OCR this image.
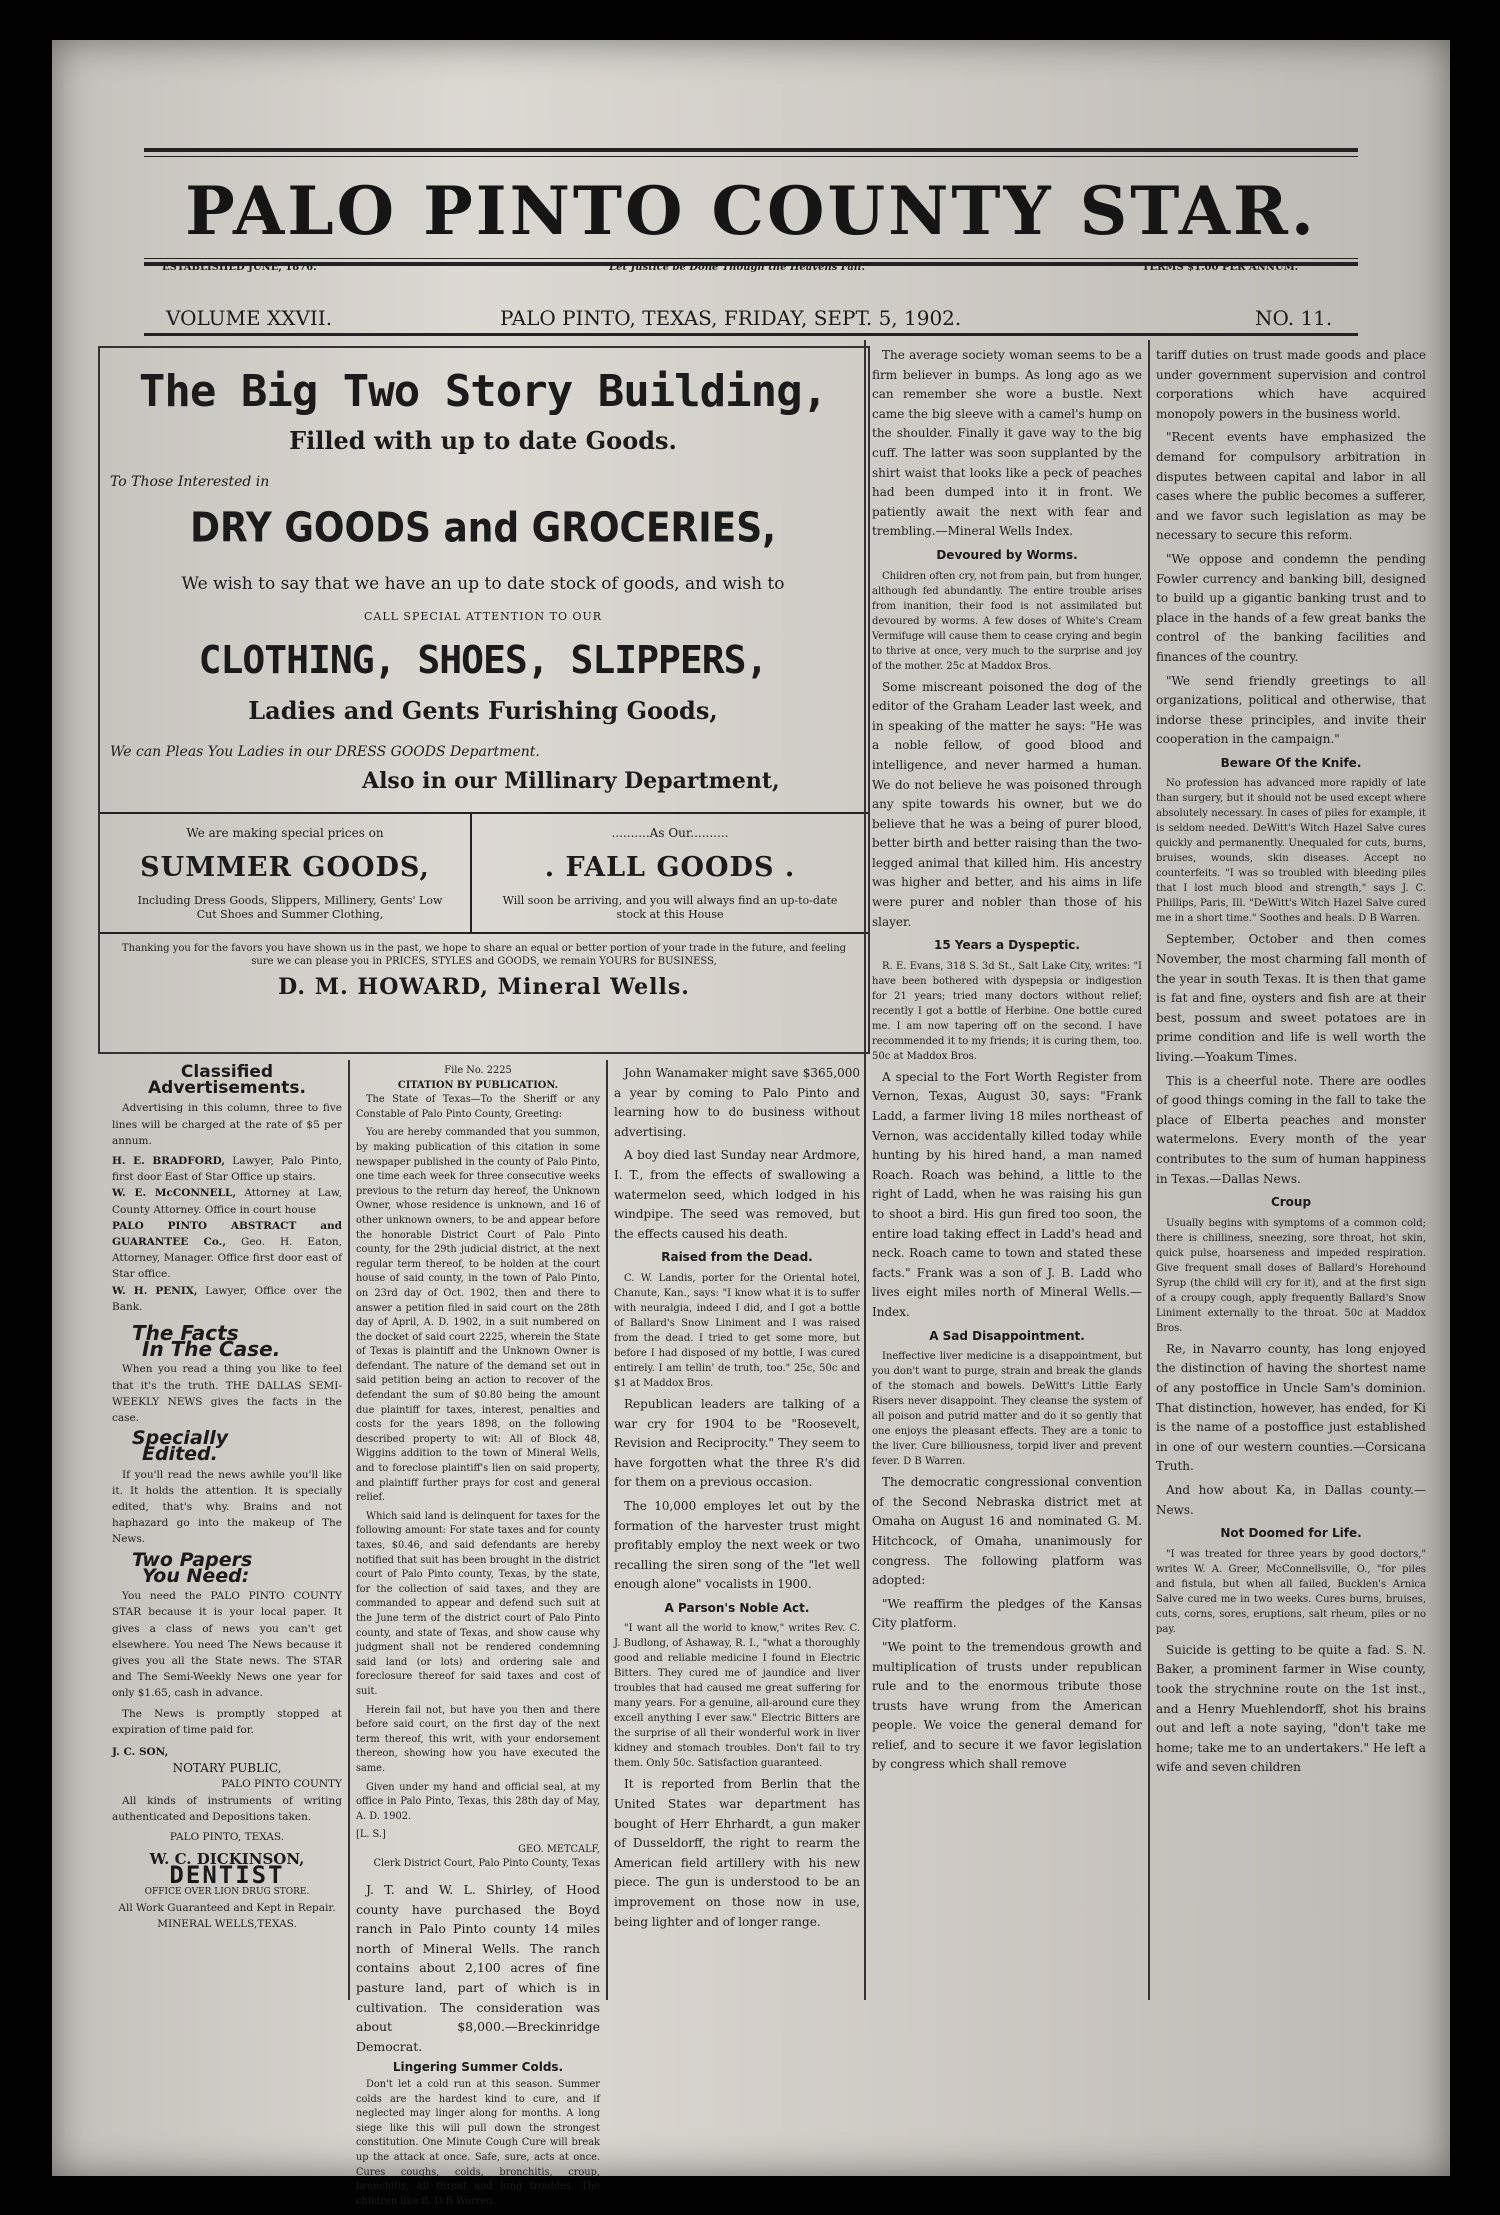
PALO PINTO COUNTY STAR.
ESTABLISHED JUNE, 1876.	"Let Justice be Done Though the Heavens Fall."	TERMS $1.00 PER ANNUM.
VOLUME XXVII.	PALO PINTO, TEXAS, FRIDAY, SEPT. 5, 1902.	NO. 11.
The Big Two Story Building,
Filled with up to date Goods.
To Those Interested in
DRY GOODS and GROCERIES,
We wish to say that we have an up to date stock of goods, and wish to
CALL SPECIAL ATTENTION TO OUR
CLOTHING, SHOES, SLIPPERS,
Ladies and Gents Furishing Goods,
We can Pleas You Ladies in our DRESS GOODS Department.
Also in our Millinary Department,
We are making special prices on
SUMMER GOODS,
Including Dress Goods, Slippers, Millinery, Gents' Low Cut Shoes and Summer Clothing,
..........As Our..........
. FALL GOODS .
Will soon be arriving, and you will always find an up-to-date stock at this House
Thanking you for the favors you have shown us in the past, we hope to share an equal or better portion of your trade in the future, and feeling sure we can please you in PRICES, STYLES and GOODS, we remain YOURS for BUSINESS,
D. M. HOWARD, Mineral Wells.
Classified Advertisements.

Advertising in this column, three to five lines will be charged at the rate of $5 per annum.

H. E. BRADFORD, Lawyer, Palo Pinto, first door East of Star Office up stairs.
W. E. McCONNELL, Attorney at Law, County Attorney. Office in court house
PALO PINTO ABSTRACT and GUARANTEE Co., Geo. H. Eaton, Attorney, Manager. Office first door east of Star office.
W. H. PENIX, Lawyer, Office over the Bank.
The Facts
In The Case.

When you read a thing you like to feel that it's the truth. THE DALLAS SEMI-WEEKLY NEWS gives the facts in the case.

Specially
Edited.

If you'll read the news awhile you'll like it. It holds the attention. It is specially edited, that's why. Brains and not haphazard go into the makeup of The News.

Two Papers
You Need:

You need the PALO PINTO COUNTY STAR because it is your local paper. It gives a class of news you can't get elsewhere. You need The News because it gives you all the State news. The STAR and The Semi-Weekly News one year for only $1.65, cash in advance.

The News is promptly stopped at expiration of time paid for.

J. C. SON,
NOTARY PUBLIC,
PALO PINTO COUNTY

All kinds of instruments of writing authenticated and Depositions taken.

PALO PINTO, TEXAS.
W. C. DICKINSON,
DENTIST
OFFICE OVER LION DRUG STORE.
All Work Guaranteed and Kept in Repair.
MINERAL WELLS,TEXAS.
File No. 2225
CITATION BY PUBLICATION.

The State of Texas—To the Sheriff or any Constable of Palo Pinto County, Greeting:

You are hereby commanded that you summon, by making publication of this citation in some newspaper published in the county of Palo Pinto, one time each week for three consecutive weeks previous to the return day hereof, the Unknown Owner, whose residence is unknown, and 16 of other unknown owners, to be and appear before the honorable District Court of Palo Pinto county, for the 29th judicial district, at the next regular term thereof, to be holden at the court house of said county, in the town of Palo Pinto, on 23rd day of Oct. 1902, then and there to answer a petition filed in said court on the 28th day of April, A. D. 1902, in a suit numbered on the docket of said court 2225, wherein the State of Texas is plaintiff and the Unknown Owner is defendant. The nature of the demand set out in said petition being an action to recover of the defendant the sum of $0.80 being the amount due plaintiff for taxes, interest, penalties and costs for the years 1898, on the following described property to wit: All of Block 48, Wiggins addition to the town of Mineral Wells, and to foreclose plaintiff's lien on said property, and plaintiff further prays for cost and general relief.

Which said land is delinquent for taxes for the following amount: For state taxes and for county taxes, $0.46, and said defendants are hereby notified that suit has been brought in the district court of Palo Pinto county, Texas, by the state, for the collection of said taxes, and they are commanded to appear and defend such suit at the June term of the district court of Palo Pinto county, and state of Texas, and show cause why judgment shall not be rendered condemning said land (or lots) and ordering sale and foreclosure thereof for said taxes and cost of suit.

Herein fail not, but have you then and there before said court, on the first day of the next term thereof, this writ, with your endorsement thereon, showing how you have executed the same.

Given under my hand and official seal, at my office in Palo Pinto, Texas, this 28th day of May, A. D. 1902.

[L. S.]
GEO. METCALF,
Clerk District Court, Palo Pinto County, Texas

J. T. and W. L. Shirley, of Hood county have purchased the Boyd ranch in Palo Pinto county 14 miles north of Mineral Wells. The ranch contains about 2,100 acres of fine pasture land, part of which is in cultivation. The consideration was about $8,000.—Breckinridge Democrat.

Lingering Summer Colds.

Don't let a cold run at this season. Summer colds are the hardest kind to cure, and if neglected may linger along for months. A long siege like this will pull down the strongest constitution. One Minute Cough Cure will break up the attack at once. Safe, sure, acts at once. Cures coughs, colds, bronchitis, croup, bronchitis, all throat and lung troubles. The children like it. D B Warren.

John Wanamaker might save $365,000 a year by coming to Palo Pinto and learning how to do business without advertising.

A boy died last Sunday near Ardmore, I. T., from the effects of swallowing a watermelon seed, which lodged in his windpipe. The seed was removed, but the effects caused his death.

Raised from the Dead.

C. W. Landis, porter for the Oriental hotel, Chanute, Kan., says: "I know what it is to suffer with neuralgia, indeed I did, and I got a bottle of Ballard's Snow Liniment and I was raised from the dead. I tried to get some more, but before I had disposed of my bottle, I was cured entirely. I am tellin' de truth, too." 25c, 50c and $1 at Maddox Bros.

Republican leaders are talking of a war cry for 1904 to be "Roosevelt, Revision and Reciprocity." They seem to have forgotten what the three R's did for them on a previous occasion.

The 10,000 employes let out by the formation of the harvester trust might profitably employ the next week or two recalling the siren song of the "let well enough alone" vocalists in 1900.

A Parson's Noble Act.

"I want all the world to know," writes Rev. C. J. Budlong, of Ashaway, R. I., "what a thoroughly good and reliable medicine I found in Electric Bitters. They cured me of jaundice and liver troubles that had caused me great suffering for many years. For a genuine, all-around cure they excell anything I ever saw." Electric Bitters are the surprise of all their wonderful work in liver kidney and stomach troubles. Don't fail to try them. Only 50c. Satisfaction guaranteed.

It is reported from Berlin that the United States war department has bought of Herr Ehrhardt, a gun maker of Dusseldorff, the right to rearm the American field artillery with his new piece. The gun is understood to be an improvement on those now in use, being lighter and of longer range.

The average society woman seems to be a firm believer in bumps. As long ago as we can remember she wore a bustle. Next came the big sleeve with a camel's hump on the shoulder. Finally it gave way to the big cuff. The latter was soon supplanted by the shirt waist that looks like a peck of peaches had been dumped into it in front. We patiently await the next with fear and trembling.—Mineral Wells Index.

Devoured by Worms.

Children often cry, not from pain, but from hunger, although fed abundantly. The entire trouble arises from inanition, their food is not assimilated but devoured by worms. A few doses of White's Cream Vermifuge will cause them to cease crying and begin to thrive at once, very much to the surprise and joy of the mother. 25c at Maddox Bros.

Some miscreant poisoned the dog of the editor of the Graham Leader last week, and in speaking of the matter he says: "He was a noble fellow, of good blood and intelligence, and never harmed a human. We do not believe he was poisoned through any spite towards his owner, but we do believe that he was a being of purer blood, better birth and better raising than the two-legged animal that killed him. His ancestry was higher and better, and his aims in life were purer and nobler than those of his slayer.

15 Years a Dyspeptic.

R. E. Evans, 318 S. 3d St., Salt Lake City, writes: "I have been bothered with dyspepsia or indigestion for 21 years; tried many doctors without relief; recently I got a bottle of Herbine. One bottle cured me. I am now tapering off on the second. I have recommended it to my friends; it is curing them, too. 50c at Maddox Bros.

A special to the Fort Worth Register from Vernon, Texas, August 30, says: "Frank Ladd, a farmer living 18 miles northeast of Vernon, was accidentally killed today while hunting by his hired hand, a man named Roach. Roach was behind, a little to the right of Ladd, when he was raising his gun to shoot a bird. His gun fired too soon, the entire load taking effect in Ladd's head and neck. Roach came to town and stated these facts." Frank was a son of J. B. Ladd who lives eight miles north of Mineral Wells.—Index.

A Sad Disappointment.

Ineffective liver medicine is a disappointment, but you don't want to purge, strain and break the glands of the stomach and bowels. DeWitt's Little Early Risers never disappoint. They cleanse the system of all poison and putrid matter and do it so gently that one enjoys the pleasant effects. They are a tonic to the liver. Cure billiousness, torpid liver and prevent fever. D B Warren.

The democratic congressional convention of the Second Nebraska district met at Omaha on August 16 and nominated G. M. Hitchcock, of Omaha, unanimously for congress. The following platform was adopted:

"We reaffirm the pledges of the Kansas City platform.

"We point to the tremendous growth and multiplication of trusts under republican rule and to the enormous tribute those trusts have wrung from the American people. We voice the general demand for relief, and to secure it we favor legislation by congress which shall remove

tariff duties on trust made goods and place under government supervision and control corporations which have acquired monopoly powers in the business world.

"Recent events have emphasized the demand for compulsory arbitration in disputes between capital and labor in all cases where the public becomes a sufferer, and we favor such legislation as may be necessary to secure this reform.

"We oppose and condemn the pending Fowler currency and banking bill, designed to build up a gigantic banking trust and to place in the hands of a few great banks the control of the banking facilities and finances of the country.

"We send friendly greetings to all organizations, political and otherwise, that indorse these principles, and invite their cooperation in the campaign."

Beware Of the Knife.

No profession has advanced more rapidly of late than surgery, but it should not be used except where absolutely necessary. In cases of piles for example, it is seldom needed. DeWitt's Witch Hazel Salve cures quickly and permanently. Unequaled for cuts, burns, bruises, wounds, skin diseases. Accept no counterfeits. "I was so troubled with bleeding piles that I lost much blood and strength," says J. C. Phillips, Paris, Ill. "DeWitt's Witch Hazel Salve cured me in a short time." Soothes and heals. D B Warren.

September, October and then comes November, the most charming fall month of the year in south Texas. It is then that game is fat and fine, oysters and fish are at their best, possum and sweet potatoes are in prime condition and life is well worth the living.—Yoakum Times.

This is a cheerful note. There are oodles of good things coming in the fall to take the place of Elberta peaches and monster watermelons. Every month of the year contributes to the sum of human happiness in Texas.—Dallas News.

Croup

Usually begins with symptoms of a common cold; there is chilliness, sneezing, sore throat, hot skin, quick pulse, hoarseness and impeded respiration. Give frequent small doses of Ballard's Horehound Syrup (the child will cry for it), and at the first sign of a croupy cough, apply frequently Ballard's Snow Liniment externally to the throat. 50c at Maddox Bros.

Re, in Navarro county, has long enjoyed the distinction of having the shortest name of any postoffice in Uncle Sam's dominion. That distinction, however, has ended, for Ki is the name of a postoffice just established in one of our western counties.—Corsicana Truth.

And how about Ka, in Dallas county.—News.

Not Doomed for Life.

"I was treated for three years by good doctors," writes W. A. Greer, McConnellsville, O., "for piles and fistula, but when all failed, Bucklen's Arnica Salve cured me in two weeks. Cures burns, bruises, cuts, corns, sores, eruptions, salt rheum, piles or no pay.

Suicide is getting to be quite a fad. S. N. Baker, a prominent farmer in Wise county, took the strychnine route on the 1st inst., and a Henry Muehlendorff, shot his brains out and left a note saying, "don't take me home; take me to an undertakers." He left a wife and seven children
